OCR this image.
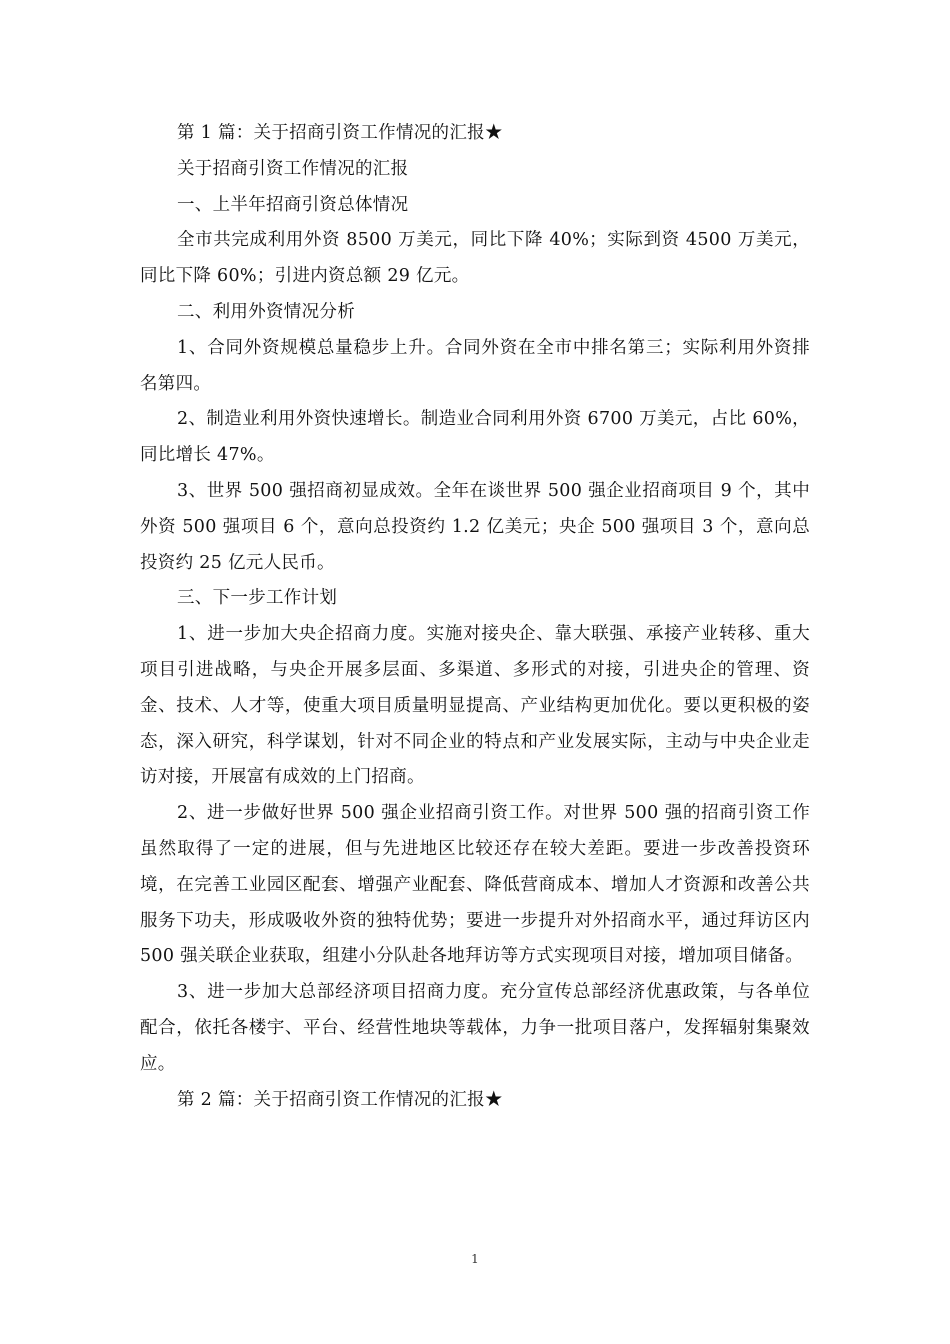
第 1 篇：关于招商引资工作情况的汇报★

关于招商引资工作情况的汇报

一、上半年招商引资总体情况

全市共完成利用外资 8500 万美元，同比下降 40%；实际到资 4500 万美元，同比下降 60%；引进内资总额 29 亿元。

二、利用外资情况分析

1、合同外资规模总量稳步上升。合同外资在全市中排名第三；实际利用外资排名第四。

2、制造业利用外资快速增长。制造业合同利用外资 6700 万美元，占比 60%，同比增长 47%。

3、世界 500 强招商初显成效。全年在谈世界 500 强企业招商项目 9 个，其中外资 500 强项目 6 个，意向总投资约 1.2 亿美元；央企 500 强项目 3 个，意向总投资约 25 亿元人民币。

三、下一步工作计划

1、进一步加大央企招商力度。实施对接央企、靠大联强、承接产业转移、重大项目引进战略，与央企开展多层面、多渠道、多形式的对接，引进央企的管理、资金、技术、人才等，使重大项目质量明显提高、产业结构更加优化。要以更积极的姿态，深入研究，科学谋划，针对不同企业的特点和产业发展实际，主动与中央企业走访对接，开展富有成效的上门招商。

2、进一步做好世界 500 强企业招商引资工作。对世界 500 强的招商引资工作虽然取得了一定的进展，但与先进地区比较还存在较大差距。要进一步改善投资环境，在完善工业园区配套、增强产业配套、降低营商成本、增加人才资源和改善公共服务下功夫，形成吸收外资的独特优势；要进一步提升对外招商水平，通过拜访区内 500 强关联企业获取，组建小分队赴各地拜访等方式实现项目对接，增加项目储备。

3、进一步加大总部经济项目招商力度。充分宣传总部经济优惠政策，与各单位配合，依托各楼宇、平台、经营性地块等载体，力争一批项目落户，发挥辐射集聚效应。

第 2 篇：关于招商引资工作情况的汇报★

1
